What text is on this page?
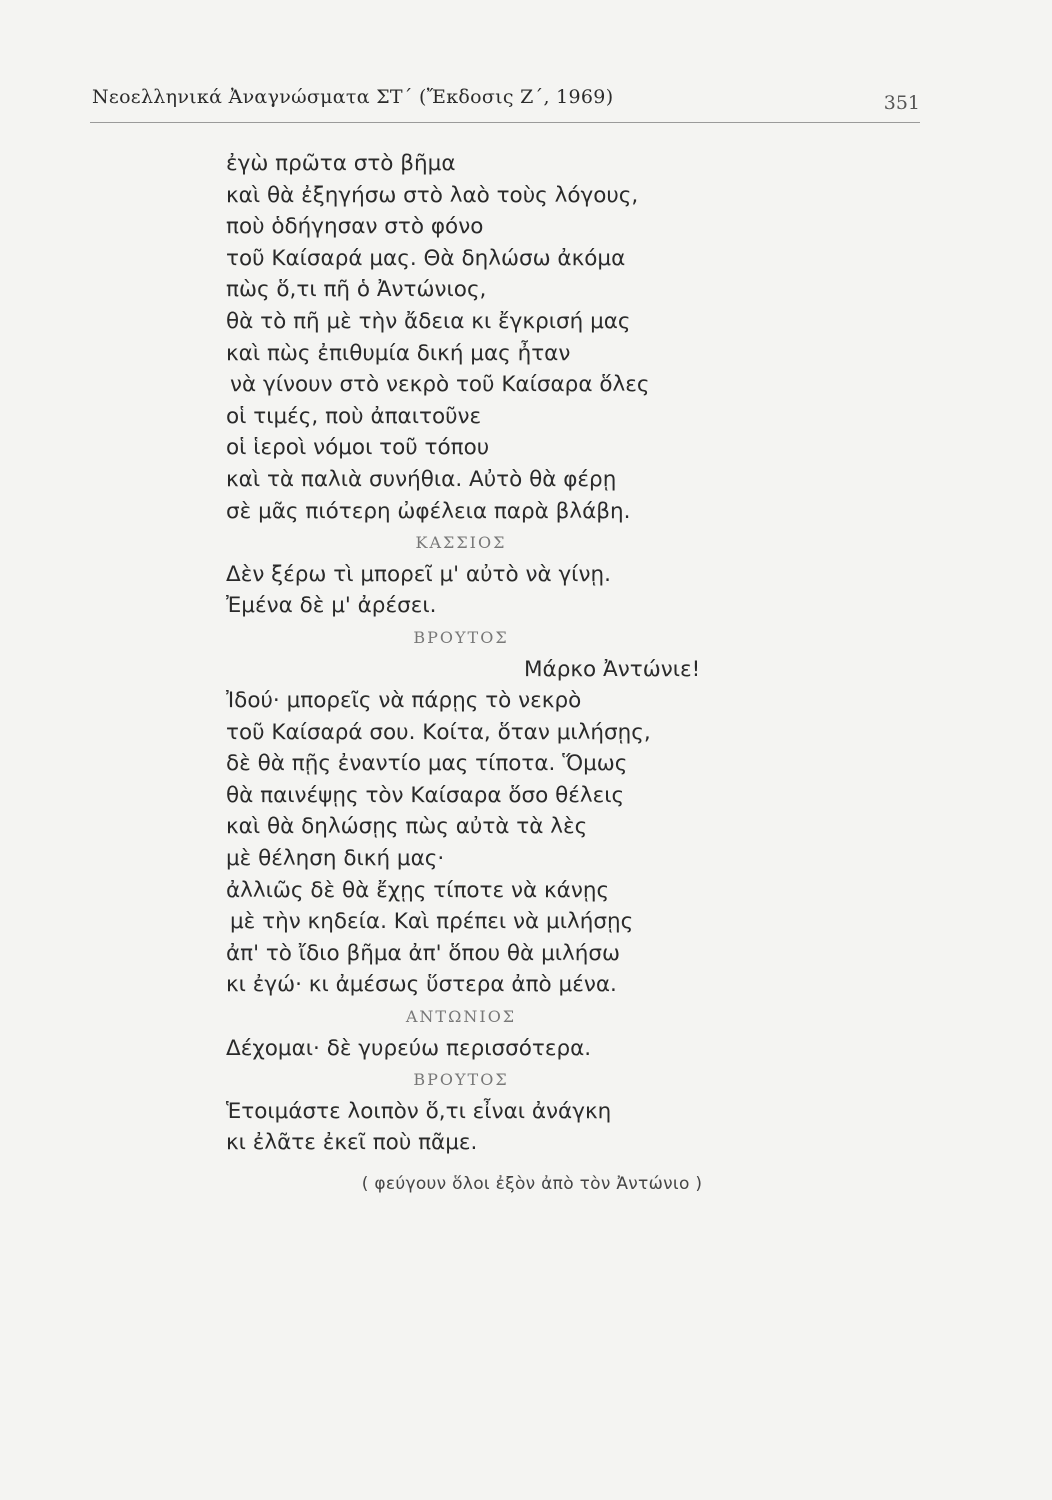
Νεοελληνικά Ἀναγνώσματα ΣΤ΄ (Ἔκδοσις Ζ΄, 1969)	351
ἐγὼ πρῶτα στὸ βῆμα
καὶ θὰ ἐξηγήσω στὸ λαὸ τοὺς λόγους,
ποὺ ὁδήγησαν στὸ φόνο
τοῦ Καίσαρά μας. Θὰ δηλώσω ἀκόμα
πὼς ὅ,τι πῆ ὁ Ἀντώνιος,
θὰ τὸ πῆ μὲ τὴν ἄδεια κι ἔγκρισή μας
καὶ πὼς ἐπιθυμία δική μας ἦταν
νὰ γίνουν στὸ νεκρὸ τοῦ Καίσαρα ὅλες
οἱ τιμές, ποὺ ἀπαιτοῦνε
οἱ ἱεροὶ νόμοι τοῦ τόπου
καὶ τὰ παλιὰ συνήθια. Αὐτὸ θὰ φέρῃ
σὲ μᾶς πιότερη ὠφέλεια παρὰ βλάβη.
ΚΑΣΣΙΟΣ
Δὲν ξέρω τὶ μπορεῖ μ' αὐτὸ νὰ γίνῃ.
Ἐμένα δὲ μ' ἀρέσει.
ΒΡΟΥΤΟΣ
Μάρκο Ἀντώνιε!
Ἰδού· μπορεῖς νὰ πάρῃς τὸ νεκρὸ
τοῦ Καίσαρά σου. Κοίτα, ὅταν μιλήσῃς,
δὲ θὰ πῇς ἐναντίο μας τίποτα. Ὅμως
θὰ παινέψῃς τὸν Καίσαρα ὅσο θέλεις
καὶ θὰ δηλώσῃς πὼς αὐτὰ τὰ λὲς
μὲ θέληση δική μας·
ἀλλιῶς δὲ θὰ ἔχῃς τίποτε νὰ κάνῃς
μὲ τὴν κηδεία. Καὶ πρέπει νὰ μιλήσῃς
ἀπ' τὸ ἴδιο βῆμα ἀπ' ὅπου θὰ μιλήσω
κι ἐγώ· κι ἀμέσως ὕστερα ἀπὸ μένα.
ΑΝΤΩΝΙΟΣ
Δέχομαι· δὲ γυρεύω περισσότερα.
ΒΡΟΥΤΟΣ
Ἑτοιμάστε λοιπὸν ὅ,τι εἶναι ἀνάγκη
κι ἐλᾶτε ἐκεῖ ποὺ πᾶμε.
( φεύγουν ὅλοι ἐξὸν ἀπὸ τὸν Ἀντώνιο )
